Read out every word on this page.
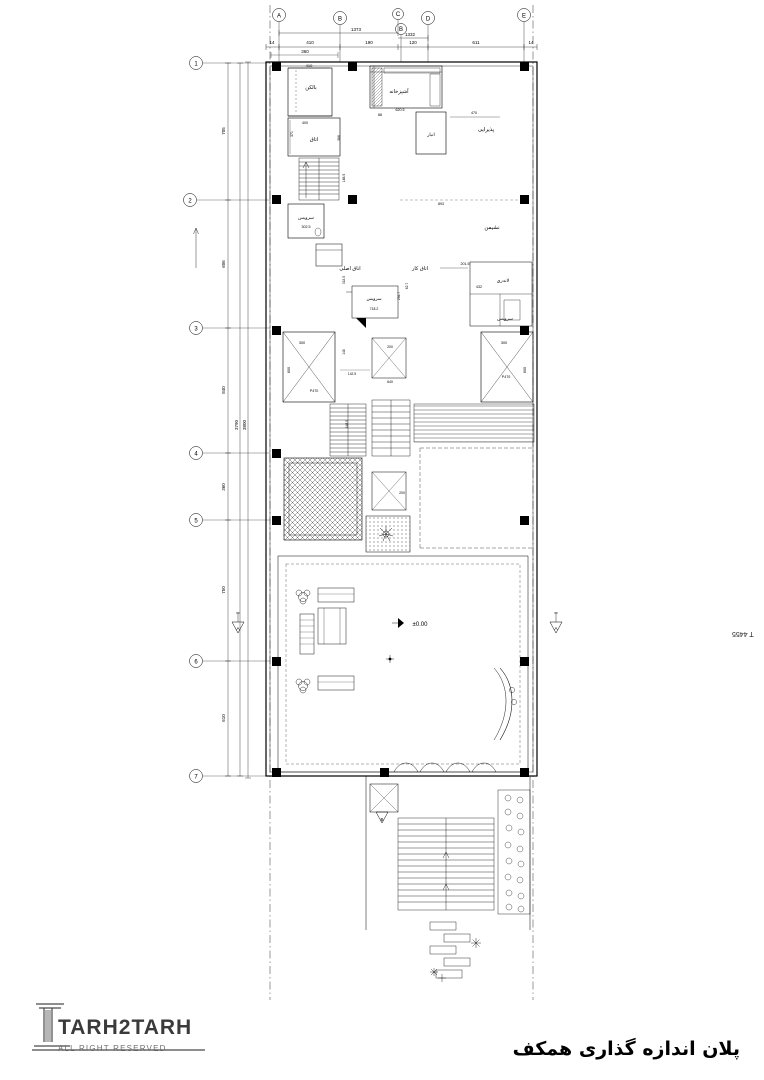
A	B
C
B
D	E
1373
1332
14	410	190	120	611	14
360
410
1
2
3
4
5
6
7
705
606
840
360
750
610
3790 3800
بالکن
اتاق
400
371
366
آشپزخانه
620.5
88
انبار
470
پذیرایی
نشیمن
893
148.5
سرویس
302.5
اتاق اصلی	اتاق کار
لاندری
سرویس
سرویس
718.2
432
201.5
318.5
294.7
62.7
300	300
600	600
P470
P470
200
640
142.5
148
148.5
200
±0.00
A	A
B
T 4455
TARH2TARH
ALL RIGHT RESERVED	پلان اندازه گذاری همکف
